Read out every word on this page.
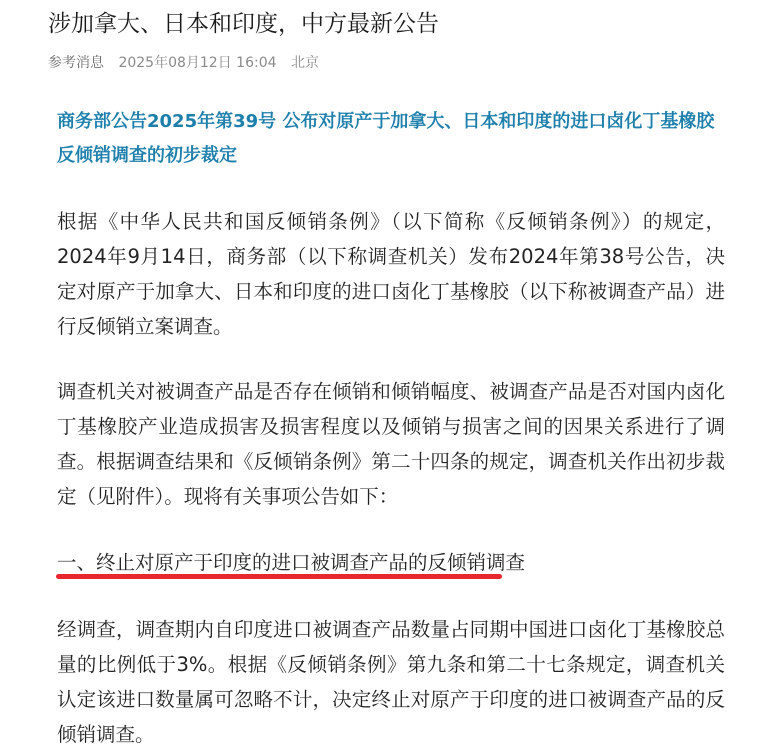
涉加拿大、日本和印度，中方最新公告
参考消息 2025年08月12日 16:04 北京
商务部公告2025年第39号 公布对原产于加拿大、日本和印度的进口卤化丁基橡胶反倾销调查的初步裁定

根据《中华人民共和国反倾销条例》（以下简称《反倾销条例》）的规定，2024年9月14日，商务部（以下称调查机关）发布2024年第38号公告，决定对原产于加拿大、日本和印度的进口卤化丁基橡胶（以下称被调查产品）进行反倾销立案调查。

调查机关对被调查产品是否存在倾销和倾销幅度、被调查产品是否对国内卤化丁基橡胶产业造成损害及损害程度以及倾销与损害之间的因果关系进行了调查。根据调查结果和《反倾销条例》第二十四条的规定，调查机关作出初步裁定（见附件）。现将有关事项公告如下：

一、终止对原产于印度的进口被调查产品的反倾销调查

经调查，调查期内自印度进口被调查产品数量占同期中国进口卤化丁基橡胶总量的比例低于3%。根据《反倾销条例》第九条和第二十七条规定，调查机关认定该进口数量属可忽略不计，决定终止对原产于印度的进口被调查产品的反倾销调查。
